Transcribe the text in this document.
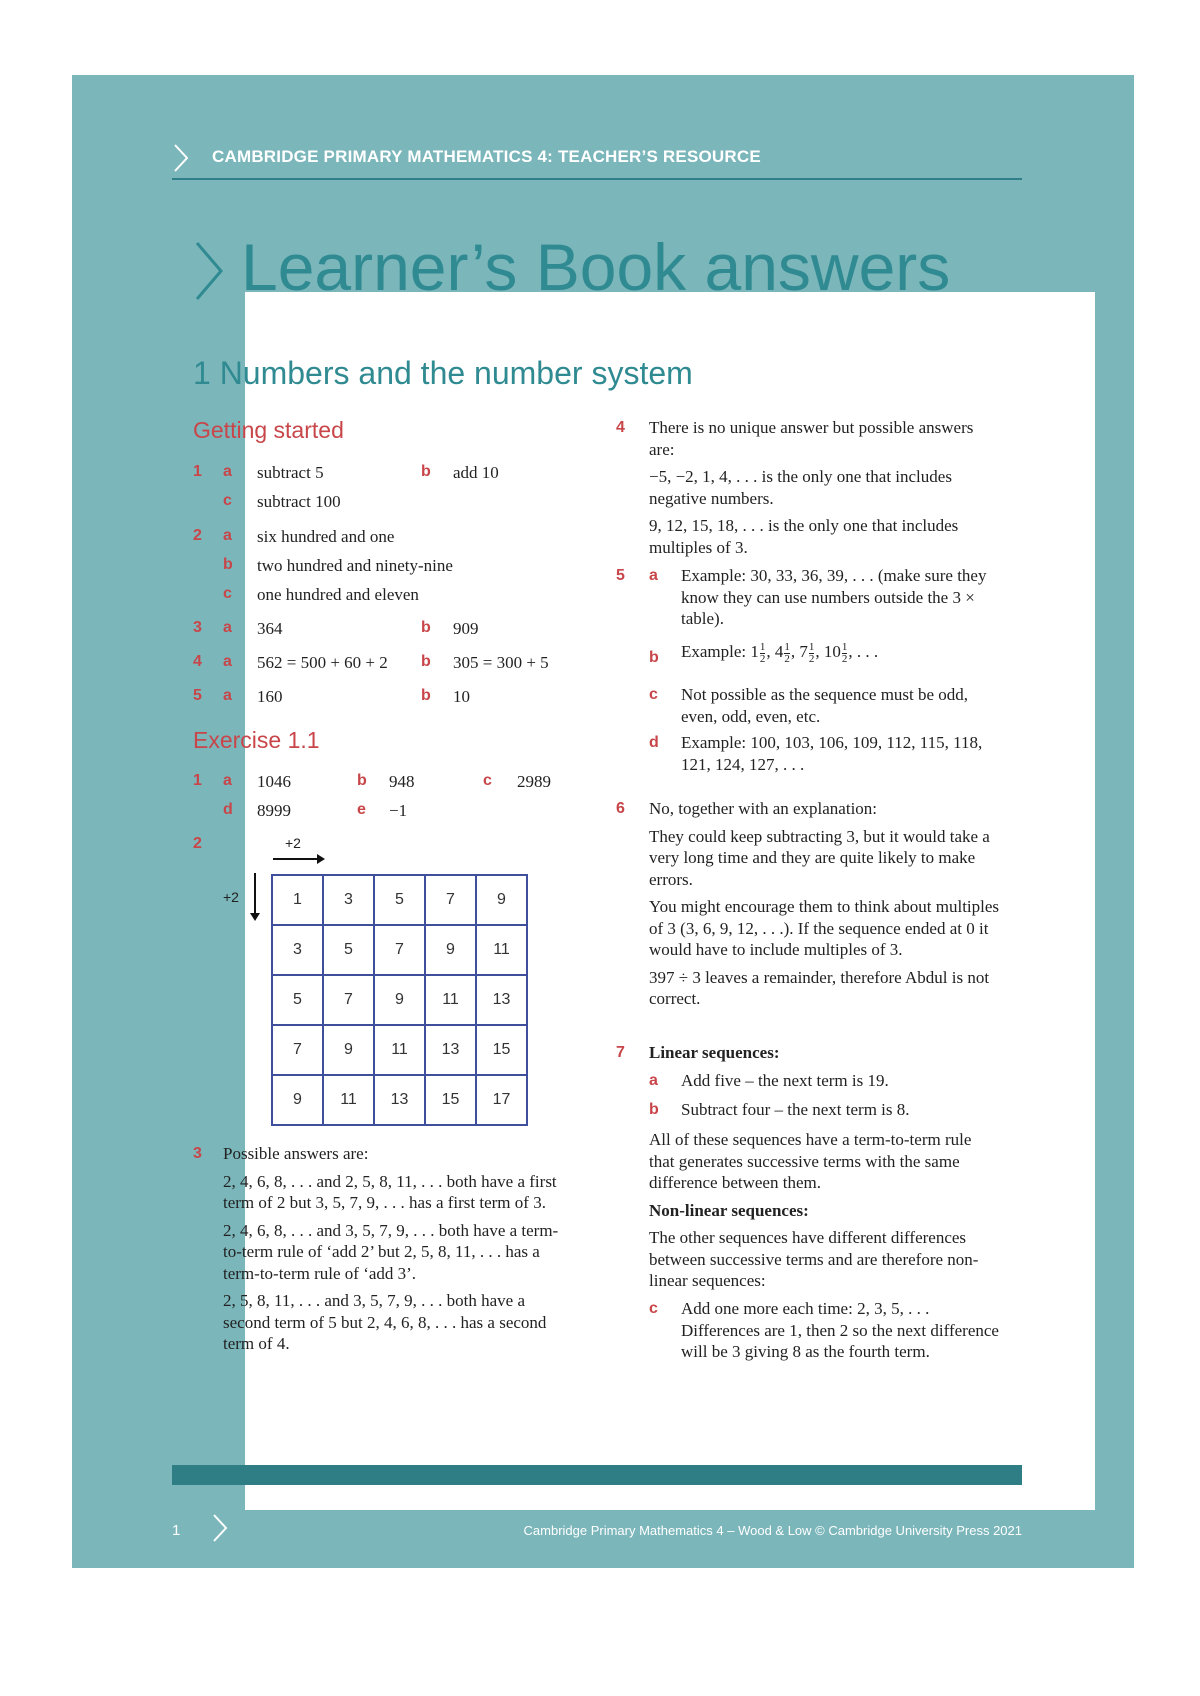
CAMBRIDGE PRIMARY MATHEMATICS 4: TEACHER’S RESOURCE
1	Cambridge Primary Mathematics 4 – Wood & Low © Cambridge University Press 2021
Learner’s Book answers
1 Numbers and the number system
Getting started
1 a subtract 5	b add 10
c subtract 100
2 a six hundred and one
b two hundred and ninety-nine
c one hundred and eleven
3 a 364	b 909
4 a 562 = 500 + 60 + 2 b 305 = 300 + 5
5 a 160	b 10
Exercise 1.1
1 a 1046	b 948	c 2989
d 8999	e −1
2	+2
+2	1	3	5	7	9
3	5	7	9	11
5	7	9	11	13
7	9	11	13	15
9	11	13	15	17
3 Possible answers are:

2, 4, 6, 8, . . . and 2, 5, 8, 11, . . . both have a first term of 2 but 3, 5, 7, 9, . . . has a first term of 3.

2, 4, 6, 8, . . . and 3, 5, 7, 9, . . . both have a term-to-term rule of ‘add 2’ but 2, 5, 8, 11, . . . has a term-to-term rule of ‘add 3’.

2, 5, 8, 11, . . . and 3, 5, 7, 9, . . . both have a second term of 5 but 2, 4, 6, 8, . . . has a second term of 4.

4 There is no unique answer but possible answers are:

−5, −2, 1, 4, . . . is the only one that includes negative numbers.

9, 12, 15, 18, . . . is the only one that includes multiples of 3.

5 a Example: 30, 33, 36, 39, . . . (make sure they know they can use numbers outside the 3 × table).
b Example: $1 \frac{1}{2}$ , $4 \frac{1}{2}$ , $7 \frac{1}{2}$ , $10 \frac{1}{2}$ , . . .
c Not possible as the sequence must be odd, even, odd, even, etc.
d Example: 100, 103, 106, 109, 112, 115, 118, 121, 124, 127, . . .
6 No, together with an explanation:

They could keep subtracting 3, but it would take a very long time and they are quite likely to make errors.

You might encourage them to think about multiples of 3 (3, 6, 9, 12, . . .). If the sequence ended at 0 it would have to include multiples of 3.

397 ÷ 3 leaves a remainder, therefore Abdul is not correct.

7 Linear sequences:
a Add five – the next term is 19.
b Subtract four – the next term is 8.

All of these sequences have a term-to-term rule that generates successive terms with the same difference between them.

Non-linear sequences:

The other sequences have different differences between successive terms and are therefore non-linear sequences:

c Add one more each time: 2, 3, 5, . . . Differences are 1, then 2 so the next difference will be 3 giving 8 as the fourth term.
